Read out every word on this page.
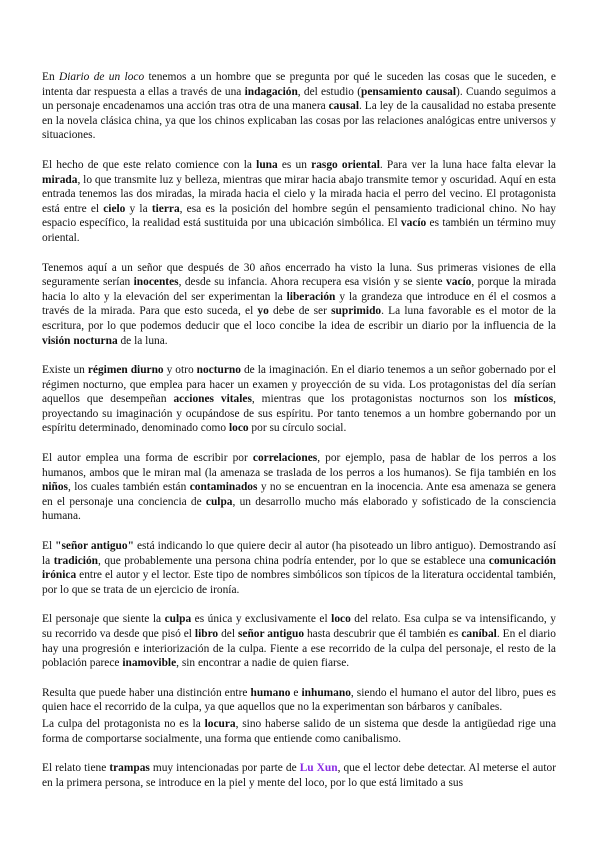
En Diario de un loco tenemos a un hombre que se pregunta por qué le suceden las cosas que le suceden, e intenta dar respuesta a ellas a través de una indagación, del estudio (pensamiento causal). Cuando seguimos a un personaje encadenamos una acción tras otra de una manera causal. La ley de la causalidad no estaba presente en la novela clásica china, ya que los chinos explicaban las cosas por las relaciones analógicas entre universos y situaciones.

El hecho de que este relato comience con la luna es un rasgo oriental. Para ver la luna hace falta elevar la mirada, lo que transmite luz y belleza, mientras que mirar hacia abajo transmite temor y oscuridad. Aquí en esta entrada tenemos las dos miradas, la mirada hacia el cielo y la mirada hacia el perro del vecino. El protagonista está entre el cielo y la tierra, esa es la posición del hombre según el pensamiento tradicional chino. No hay espacio específico, la realidad está sustituida por una ubicación simbólica. El vacío es también un término muy oriental.

Tenemos aquí a un señor que después de 30 años encerrado ha visto la luna. Sus primeras visiones de ella seguramente serían inocentes, desde su infancia. Ahora recupera esa visión y se siente vacío, porque la mirada hacia lo alto y la elevación del ser experimentan la liberación y la grandeza que introduce en él el cosmos a través de la mirada. Para que esto suceda, el yo debe de ser suprimido. La luna favorable es el motor de la escritura, por lo que podemos deducir que el loco concibe la idea de escribir un diario por la influencia de la visión nocturna de la luna.

Existe un régimen diurno y otro nocturno de la imaginación. En el diario tenemos a un señor gobernado por el régimen nocturno, que emplea para hacer un examen y proyección de su vida. Los protagonistas del día serían aquellos que desempeñan acciones vitales, mientras que los protagonistas nocturnos son los místicos, proyectando su imaginación y ocupándose de sus espíritu. Por tanto tenemos a un hombre gobernando por un espíritu determinado, denominado como loco por su círculo social.

El autor emplea una forma de escribir por correlaciones, por ejemplo, pasa de hablar de los perros a los humanos, ambos que le miran mal (la amenaza se traslada de los perros a los humanos). Se fija también en los niños, los cuales también están contaminados y no se encuentran en la inocencia. Ante esa amenaza se genera en el personaje una conciencia de culpa, un desarrollo mucho más elaborado y sofisticado de la consciencia humana.

El "señor antiguo" está indicando lo que quiere decir al autor (ha pisoteado un libro antiguo). Demostrando así la tradición, que probablemente una persona china podría entender, por lo que se establece una comunicación irónica entre el autor y el lector. Este tipo de nombres simbólicos son típicos de la literatura occidental también, por lo que se trata de un ejercicio de ironía.

El personaje que siente la culpa es única y exclusivamente el loco del relato. Esa culpa se va intensificando, y su recorrido va desde que pisó el libro del señor antiguo hasta descubrir que él también es caníbal. En el diario hay una progresión e interiorización de la culpa. Fiente a ese recorrido de la culpa del personaje, el resto de la población parece inamovible, sin encontrar a nadie de quien fiarse.

Resulta que puede haber una distinción entre humano e inhumano, siendo el humano el autor del libro, pues es quien hace el recorrido de la culpa, ya que aquellos que no la experimentan son bárbaros y caníbales.

La culpa del protagonista no es la locura, sino haberse salido de un sistema que desde la antigüedad rige una forma de comportarse socialmente, una forma que entiende como canibalismo.

El relato tiene trampas muy intencionadas por parte de Lu Xun, que el lector debe detectar. Al meterse el autor en la primera persona, se introduce en la piel y mente del loco, por lo que está limitado a sus
